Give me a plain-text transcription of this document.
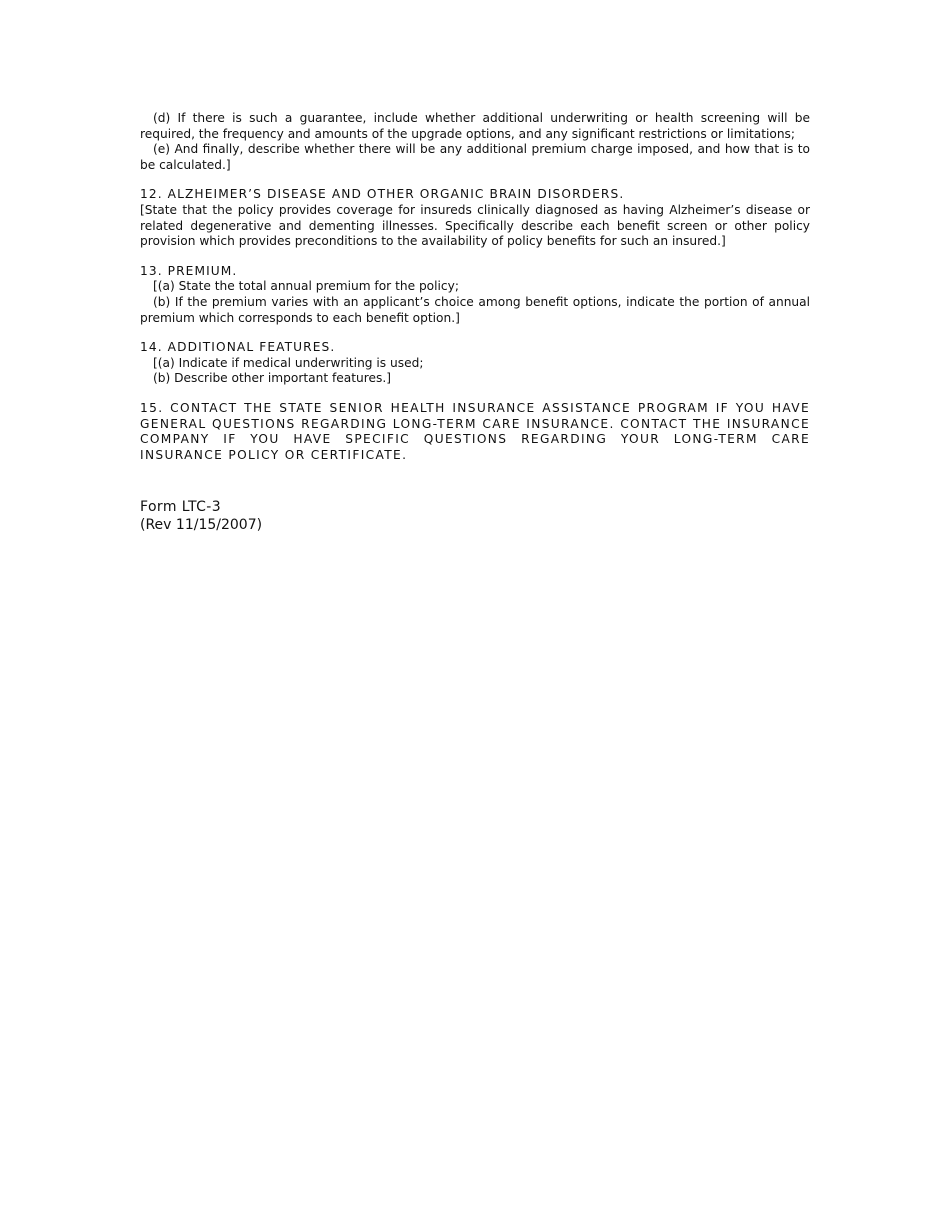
(d) If there is such a guarantee, include whether additional underwriting or health screening will be required, the frequency and amounts of the upgrade options, and any significant restrictions or limitations;

(e) And finally, describe whether there will be any additional premium charge imposed, and how that is to be calculated.]

12. ALZHEIMER’S DISEASE AND OTHER ORGANIC BRAIN DISORDERS.

[State that the policy provides coverage for insureds clinically diagnosed as having Alzheimer’s disease or related degenerative and dementing illnesses. Specifically describe each benefit screen or other policy provision which provides preconditions to the availability of policy benefits for such an insured.]

13. PREMIUM.

[(a) State the total annual premium for the policy;

(b) If the premium varies with an applicant’s choice among benefit options, indicate the portion of annual premium which corresponds to each benefit option.]

14. ADDITIONAL FEATURES.

[(a) Indicate if medical underwriting is used;

(b) Describe other important features.]

15. CONTACT THE STATE SENIOR HEALTH INSURANCE ASSISTANCE PROGRAM IF YOU HAVE GENERAL QUESTIONS REGARDING LONG-TERM CARE INSURANCE. CONTACT THE INSURANCE COMPANY IF YOU HAVE SPECIFIC QUESTIONS REGARDING YOUR LONG-TERM CARE INSURANCE POLICY OR CERTIFICATE.

Form LTC-3
(Rev 11/15/2007)
